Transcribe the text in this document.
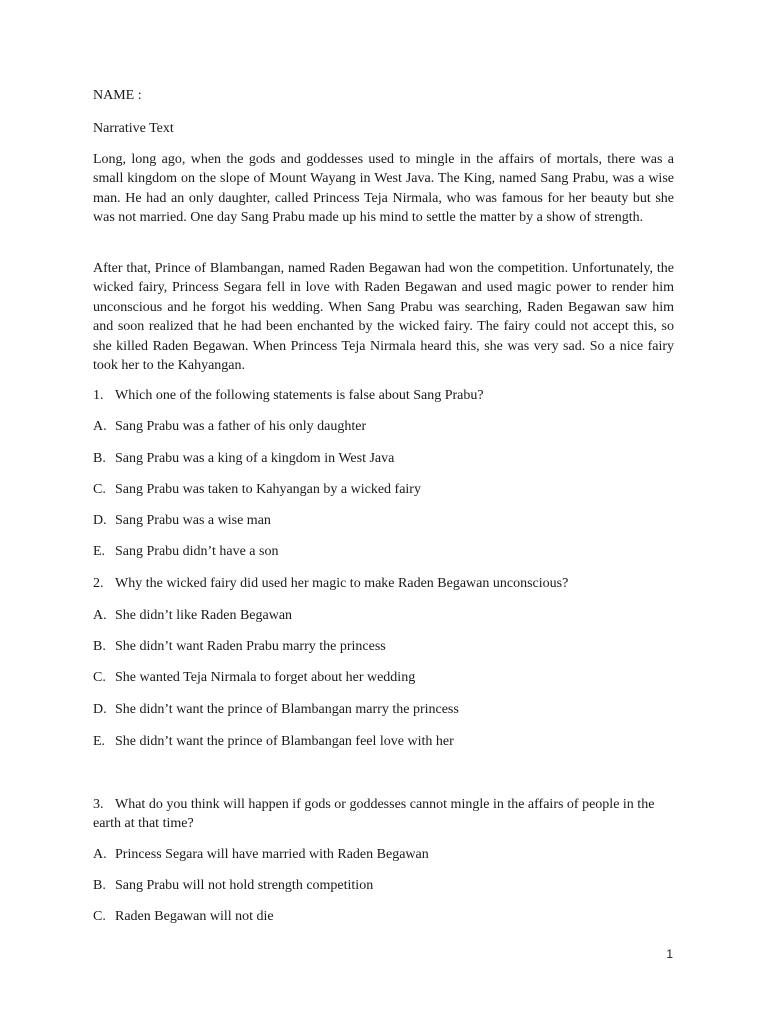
NAME :
Narrative Text
Long, long ago, when the gods and goddesses used to mingle in the affairs of mortals, there was a small kingdom on the slope of Mount Wayang in West Java. The King, named Sang Prabu, was a wise man. He had an only daughter, called Princess Teja Nirmala, who was famous for her beauty but she was not married. One day Sang Prabu made up his mind to settle the matter by a show of strength.
After that, Prince of Blambangan, named Raden Begawan had won the competition. Unfortunately, the wicked fairy, Princess Segara fell in love with Raden Begawan and used magic power to render him unconscious and he forgot his wedding. When Sang Prabu was searching, Raden Begawan saw him and soon realized that he had been enchanted by the wicked fairy. The fairy could not accept this, so she killed Raden Begawan. When Princess Teja Nirmala heard this, she was very sad. So a nice fairy took her to the Kahyangan.
1. Which one of the following statements is false about Sang Prabu?
A. Sang Prabu was a father of his only daughter
B. Sang Prabu was a king of a kingdom in West Java
C. Sang Prabu was taken to Kahyangan by a wicked fairy
D. Sang Prabu was a wise man
E. Sang Prabu didn’t have a son
2. Why the wicked fairy did used her magic to make Raden Begawan unconscious?
A. She didn’t like Raden Begawan
B. She didn’t want Raden Prabu marry the princess
C. She wanted Teja Nirmala to forget about her wedding
D. She didn’t want the prince of Blambangan marry the princess
E. She didn’t want the prince of Blambangan feel love with her
3. What do you think will happen if gods or goddesses cannot mingle in the affairs of people in the earth at that time?
A. Princess Segara will have married with Raden Begawan
B. Sang Prabu will not hold strength competition
C. Raden Begawan will not die
1
